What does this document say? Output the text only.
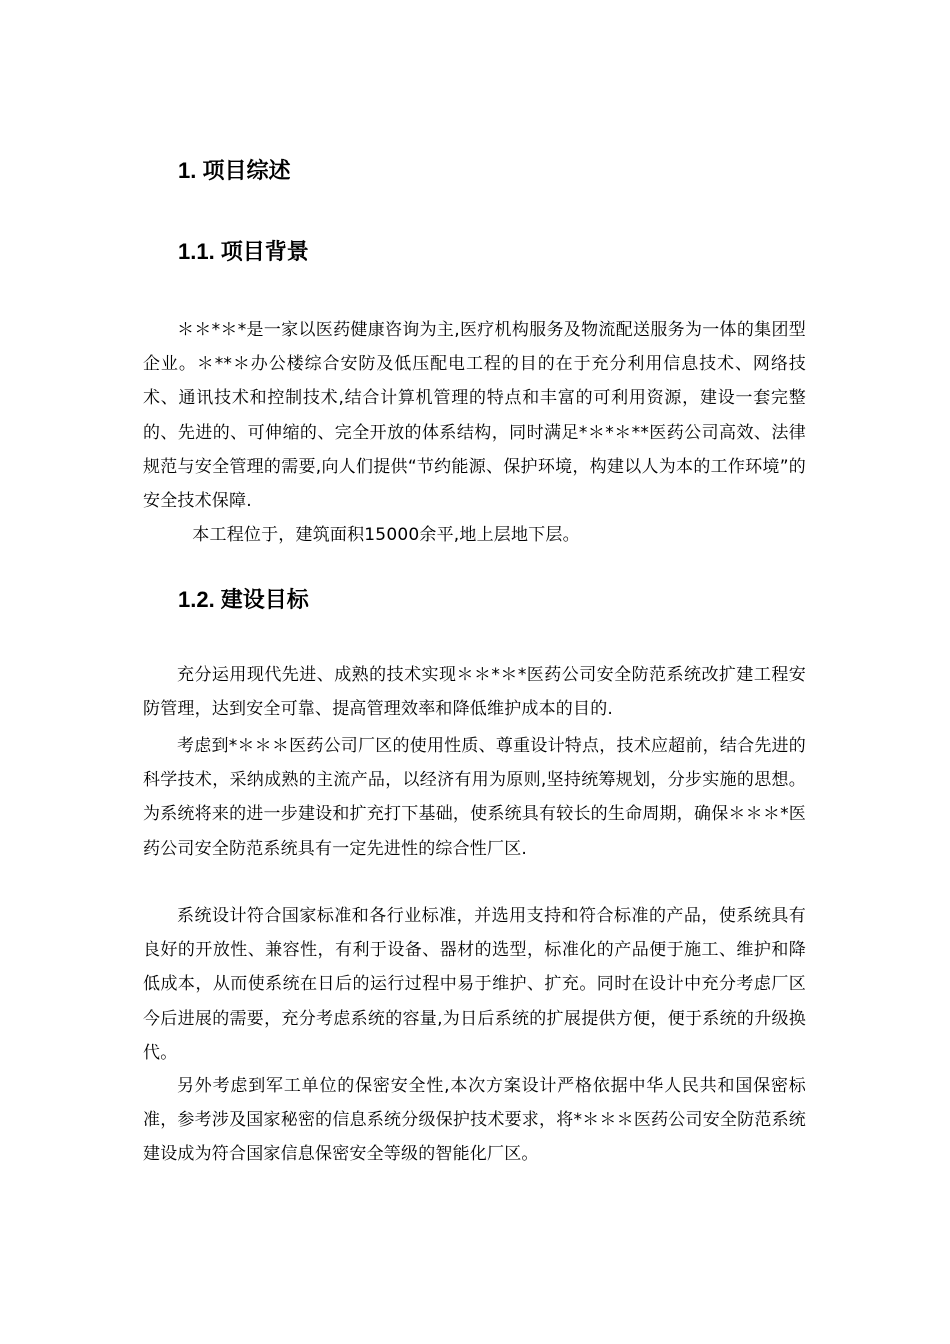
1. 项目综述
1.1. 项目背景
＊＊*＊*是一家以医药健康咨询为主,医疗机构服务及物流配送服务为一体的集团型企业。＊**＊办公楼综合安防及低压配电工程的目的在于充分利用信息技术、网络技术、通讯技术和控制技术,结合计算机管理的特点和丰富的可利用资源，建设一套完整的、先进的、可伸缩的、完全开放的体系结构，同时满足*＊*＊**医药公司高效、法律规范与安全管理的需要,向人们提供“节约能源、保护环境，构建以人为本的工作环境”的安全技术保障.
本工程位于，建筑面积15000余平,地上层地下层。
1.2. 建设目标
充分运用现代先进、成熟的技术实现＊＊*＊*医药公司安全防范系统改扩建工程安防管理，达到安全可靠、提高管理效率和降低维护成本的目的.
考虑到*＊＊＊医药公司厂区的使用性质、尊重设计特点，技术应超前，结合先进的科学技术，采纳成熟的主流产品，以经济有用为原则,坚持统筹规划，分步实施的思想。为系统将来的进一步建设和扩充打下基础，使系统具有较长的生命周期，确保＊＊＊*医药公司安全防范系统具有一定先进性的综合性厂区.
系统设计符合国家标准和各行业标准，并选用支持和符合标准的产品，使系统具有良好的开放性、兼容性，有利于设备、器材的选型，标准化的产品便于施工、维护和降低成本，从而使系统在日后的运行过程中易于维护、扩充。同时在设计中充分考虑厂区今后进展的需要，充分考虑系统的容量,为日后系统的扩展提供方便，便于系统的升级换代。
另外考虑到军工单位的保密安全性,本次方案设计严格依据中华人民共和国保密标准，参考涉及国家秘密的信息系统分级保护技术要求，将*＊＊＊医药公司安全防范系统建设成为符合国家信息保密安全等级的智能化厂区。
